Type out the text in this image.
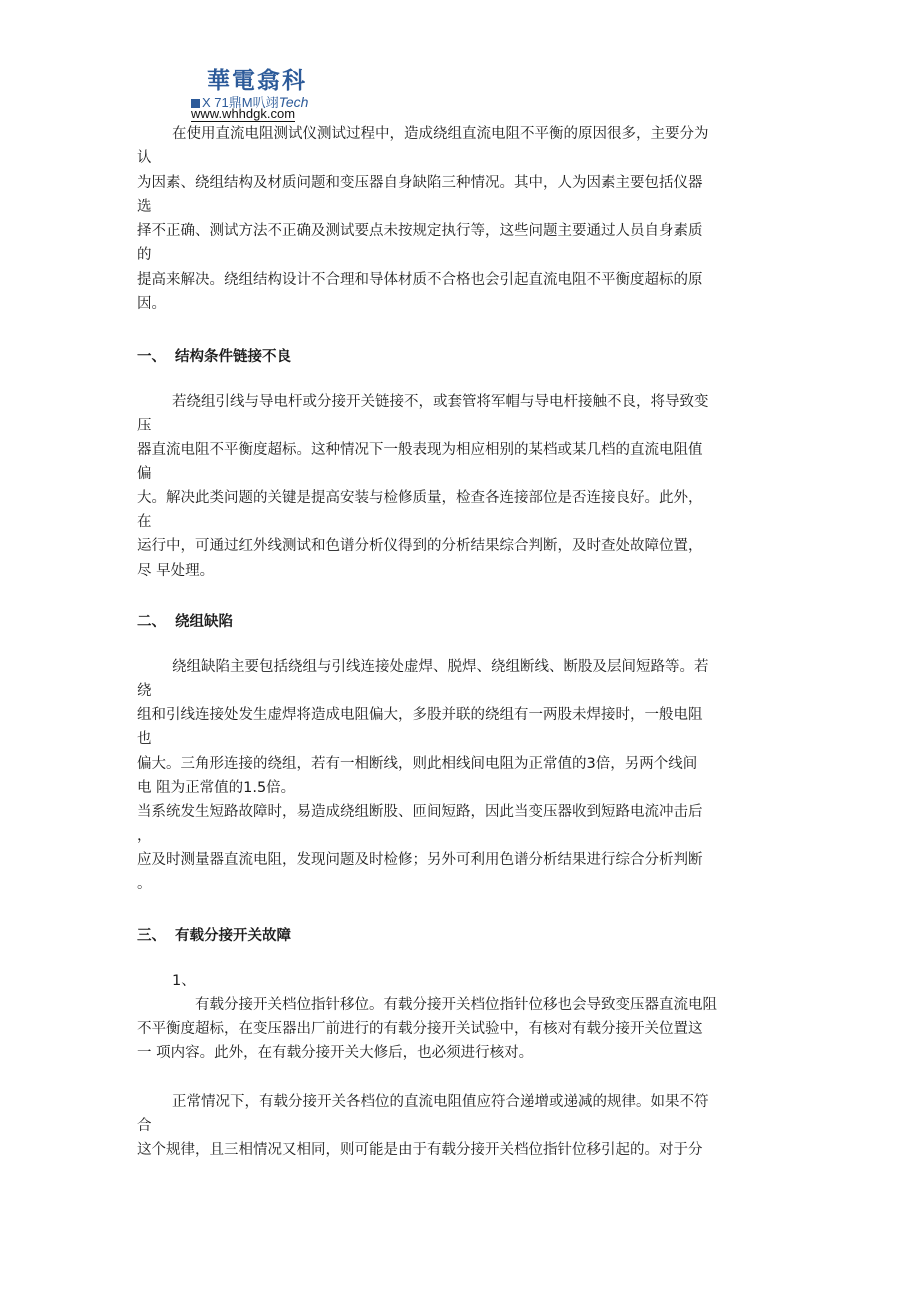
華電翕科
X 71鼎M叭翊Tech
www.whhdgk.com
在使用直流电阻测试仪测试过程中，造成绕组直流电阻不平衡的原因很多，主要分为
认
为因素、绕组结构及材质问题和变压器自身缺陷三种情况。其中，人为因素主要包括仪器
选
择不正确、测试方法不正确及测试要点未按规定执行等，这些问题主要通过人员自身素质
的
提高来解决。绕组结构设计不合理和导体材质不合格也会引起直流电阻不平衡度超标的原
因。
一、 结构条件链接不良
若绕组引线与导电杆或分接开关链接不，或套管将军帽与导电杆接触不良，将导致变
压
器直流电阻不平衡度超标。这种情况下一般表现为相应相别的某档或某几档的直流电阻值
偏
大。解决此类问题的关键是提高安装与检修质量，检查各连接部位是否连接良好。此外，
在
运行中，可通过红外线测试和色谱分析仪得到的分析结果综合判断，及时查处故障位置，
尽 早处理。
二、 绕组缺陷
绕组缺陷主要包括绕组与引线连接处虚焊、脱焊、绕组断线、断股及层间短路等。若
绕
组和引线连接处发生虚焊将造成电阻偏大，多股并联的绕组有一两股未焊接时，一般电阻
也
偏大。三角形连接的绕组，若有一相断线，则此相线间电阻为正常值的3倍，另两个线间
电 阻为正常值的1.5倍。
当系统发生短路故障时，易造成绕组断股、匝间短路，因此当变压器收到短路电流冲击后
，
应及时测量器直流电阻，发现问题及时检修；另外可利用色谱分析结果进行综合分析判断
。
三、 有载分接开关故障
1、
有载分接开关档位指针移位。有载分接开关档位指针位移也会导致变压器直流电阻
不平衡度超标，在变压器出厂前进行的有载分接开关试验中，有核对有载分接开关位置这
一 项内容。此外，在有载分接开关大修后，也必须进行核对。
正常情况下，有载分接开关各档位的直流电阻值应符合递增或递减的规律。如果不符
合
这个规律，且三相情况又相同，则可能是由于有载分接开关档位指针位移引起的。对于分
